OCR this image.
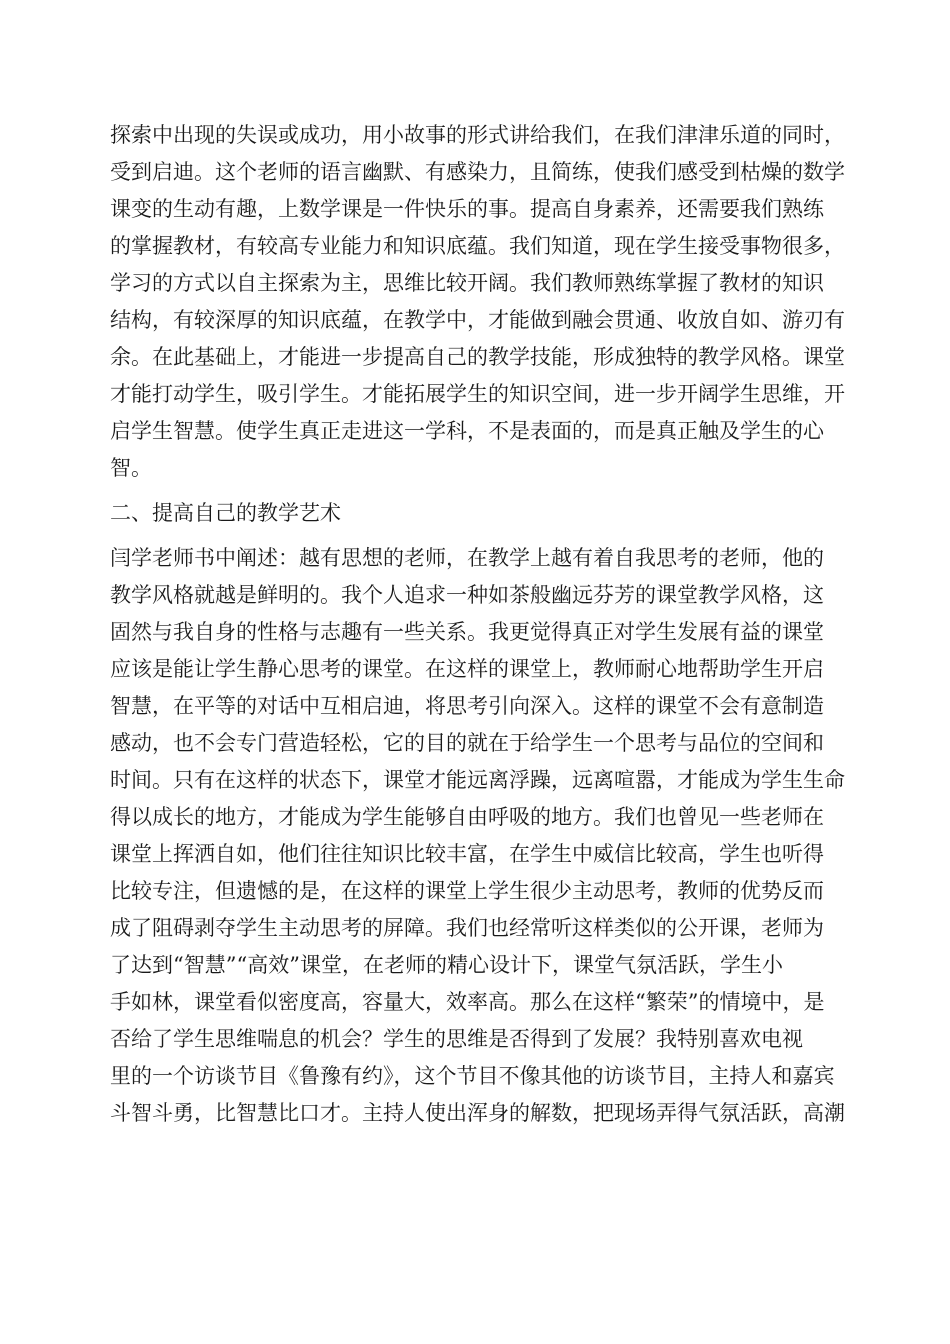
探索中出现的失误或成功，用小故事的形式讲给我们，在我们津津乐道的同时，
受到启迪。这个老师的语言幽默、有感染力，且简练，使我们感受到枯燥的数学
课变的生动有趣，上数学课是一件快乐的事。提高自身素养，还需要我们熟练
的掌握教材，有较高专业能力和知识底蕴。我们知道，现在学生接受事物很多，
学习的方式以自主探索为主，思维比较开阔。我们教师熟练掌握了教材的知识
结构，有较深厚的知识底蕴，在教学中，才能做到融会贯通、收放自如、游刃有
余。在此基础上，才能进一步提高自己的教学技能，形成独特的教学风格。课堂
才能打动学生，吸引学生。才能拓展学生的知识空间，进一步开阔学生思维，开
启学生智慧。使学生真正走进这一学科，不是表面的，而是真正触及学生的心
智。
二、提高自己的教学艺术
闫学老师书中阐述：越有思想的老师，在教学上越有着自我思考的老师，他的
教学风格就越是鲜明的。我个人追求一种如茶般幽远芬芳的课堂教学风格，这
固然与我自身的性格与志趣有一些关系。我更觉得真正对学生发展有益的课堂
应该是能让学生静心思考的课堂。在这样的课堂上，教师耐心地帮助学生开启
智慧，在平等的对话中互相启迪，将思考引向深入。这样的课堂不会有意制造
感动，也不会专门营造轻松，它的目的就在于给学生一个思考与品位的空间和
时间。只有在这样的状态下，课堂才能远离浮躁，远离喧嚣，才能成为学生生命
得以成长的地方，才能成为学生能够自由呼吸的地方。我们也曾见一些老师在
课堂上挥洒自如，他们往往知识比较丰富，在学生中威信比较高，学生也听得
比较专注，但遗憾的是，在这样的课堂上学生很少主动思考，教师的优势反而
成了阻碍剥夺学生主动思考的屏障。我们也经常听这样类似的公开课，老师为
了达到“智慧”“高效”课堂，在老师的精心设计下，课堂气氛活跃，学生小
手如林，课堂看似密度高，容量大，效率高。那么在这样“繁荣”的情境中，是
否给了学生思维喘息的机会？学生的思维是否得到了发展？我特别喜欢电视
里的一个访谈节目《鲁豫有约》，这个节目不像其他的访谈节目，主持人和嘉宾
斗智斗勇，比智慧比口才。主持人使出浑身的解数，把现场弄得气氛活跃，高潮
